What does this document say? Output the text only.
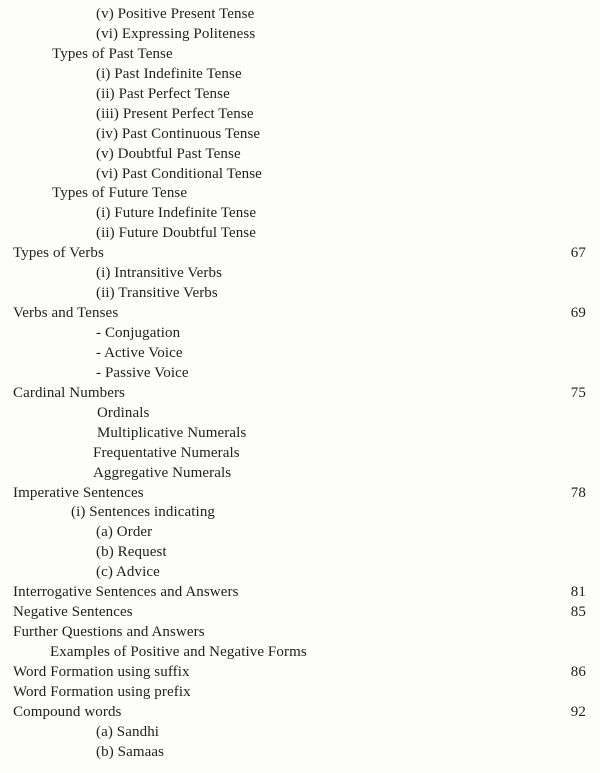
(v) Positive Present Tense
(vi) Expressing Politeness
Types of Past Tense
(i) Past Indefinite Tense
(ii) Past Perfect Tense
(iii) Present Perfect Tense
(iv) Past Continuous Tense
(v) Doubtful Past Tense
(vi) Past Conditional Tense
Types of Future Tense
(i) Future Indefinite Tense
(ii) Future Doubtful Tense
Types of Verbs	67
(i) Intransitive Verbs
(ii) Transitive Verbs
Verbs and Tenses	69
- Conjugation
- Active Voice
- Passive Voice
Cardinal Numbers	75
Ordinals
Multiplicative Numerals
Frequentative Numerals
Aggregative Numerals
Imperative Sentences	78
(i) Sentences indicating
(a) Order
(b) Request
(c) Advice
Interrogative Sentences and Answers	81
Negative Sentences	85
Further Questions and Answers
Examples of Positive and Negative Forms
Word Formation using suffix	86
Word Formation using prefix
Compound words	92
(a) Sandhi
(b) Samaas
